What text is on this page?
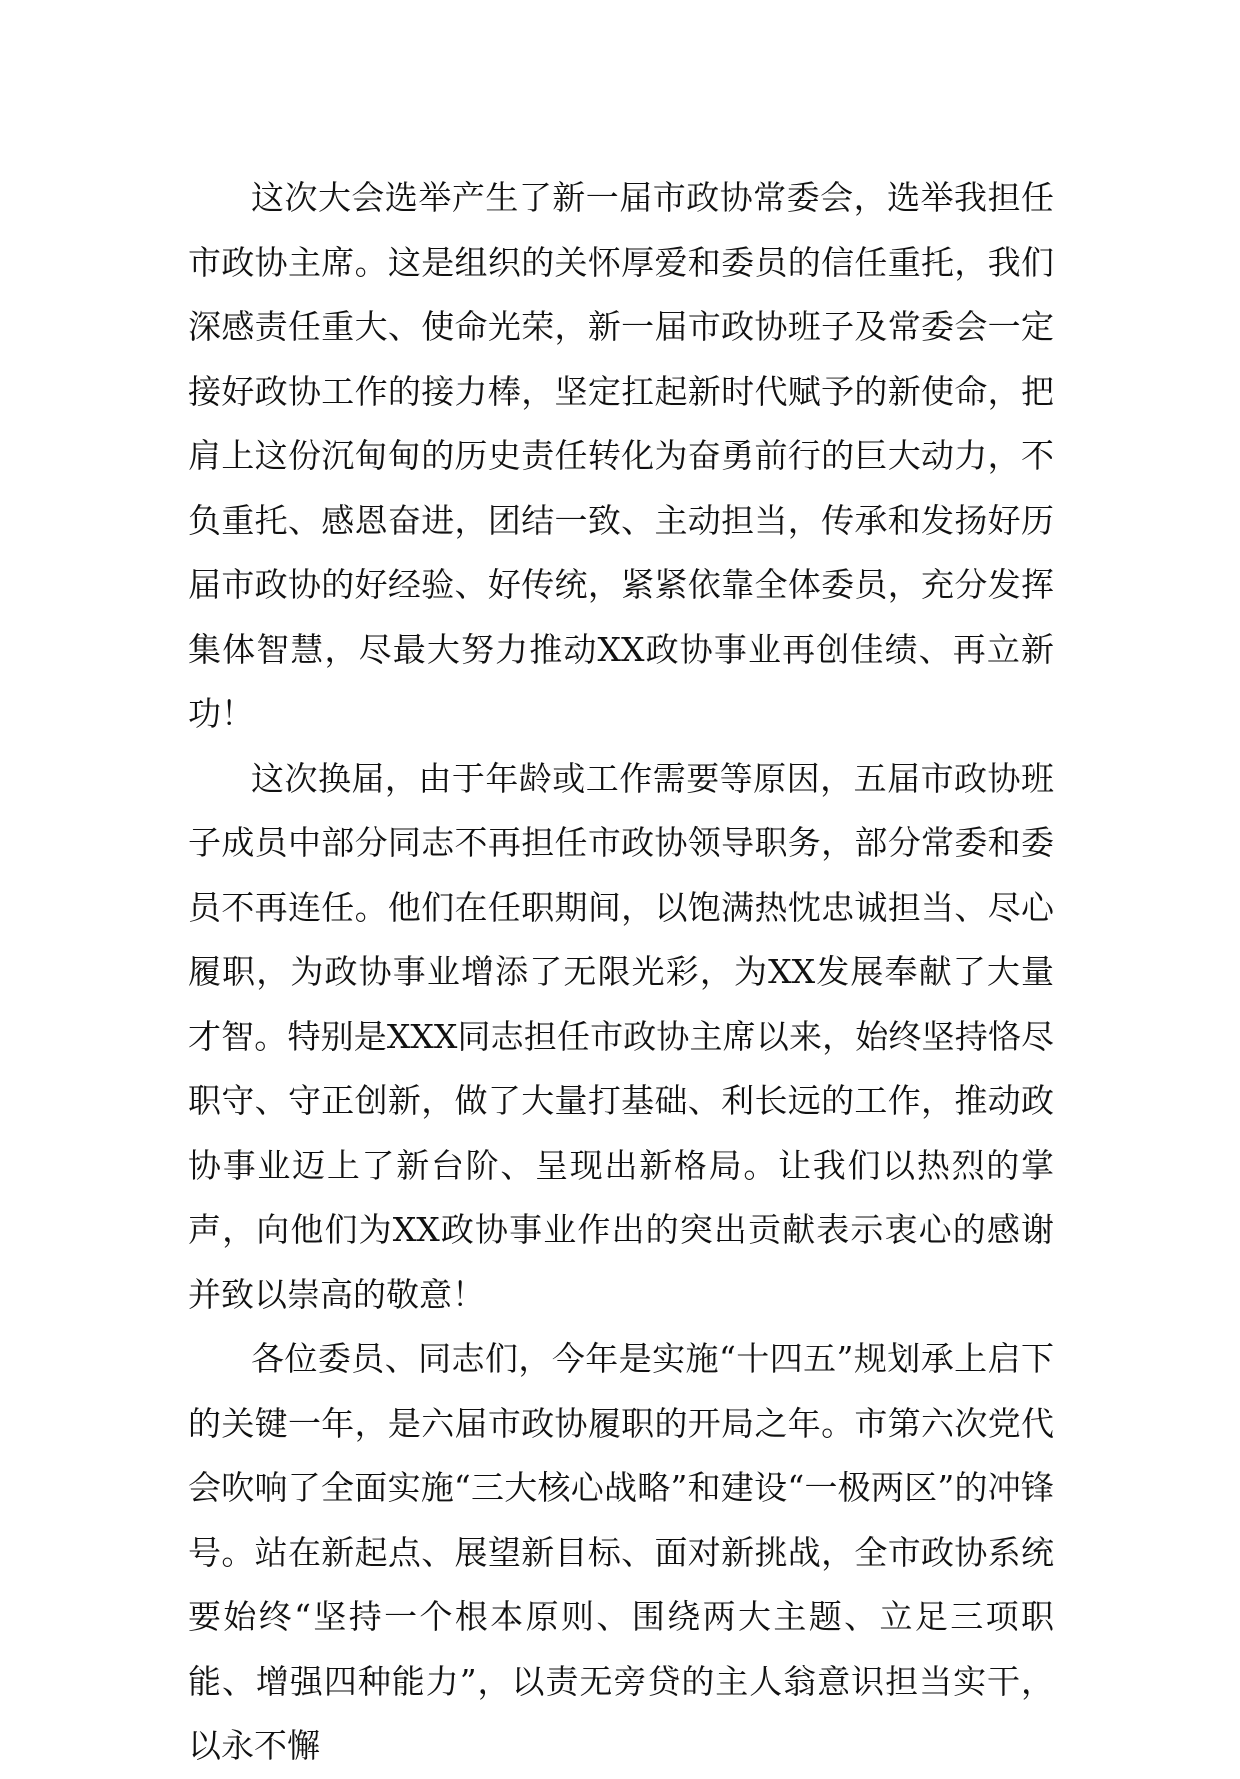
这次大会选举产生了新一届市政协常委会，选举我担任市政协主席。这是组织的关怀厚爱和委员的信任重托，我们深感责任重大、使命光荣，新一届市政协班子及常委会一定接好政协工作的接力棒，坚定扛起新时代赋予的新使命，把肩上这份沉甸甸的历史责任转化为奋勇前行的巨大动力，不负重托、感恩奋进，团结一致、主动担当，传承和发扬好历届市政协的好经验、好传统，紧紧依靠全体委员，充分发挥集体智慧，尽最大努力推动XX政协事业再创佳绩、再立新功！

这次换届，由于年龄或工作需要等原因，五届市政协班子成员中部分同志不再担任市政协领导职务，部分常委和委员不再连任。他们在任职期间，以饱满热忱忠诚担当、尽心履职，为政协事业增添了无限光彩，为XX发展奉献了大量才智。特别是XXX同志担任市政协主席以来，始终坚持恪尽职守、守正创新，做了大量打基础、利长远的工作，推动政协事业迈上了新台阶、呈现出新格局。让我们以热烈的掌声，向他们为XX政协事业作出的突出贡献表示衷心的感谢并致以崇高的敬意！

各位委员、同志们，今年是实施“十四五”规划承上启下的关键一年，是六届市政协履职的开局之年。市第六次党代会吹响了全面实施“三大核心战略”和建设“一极两区”的冲锋号。站在新起点、展望新目标、面对新挑战，全市政协系统要始终“坚持一个根本原则、围绕两大主题、立足三项职能、增强四种能力”，以责无旁贷的主人翁意识担当实干，以永不懈
